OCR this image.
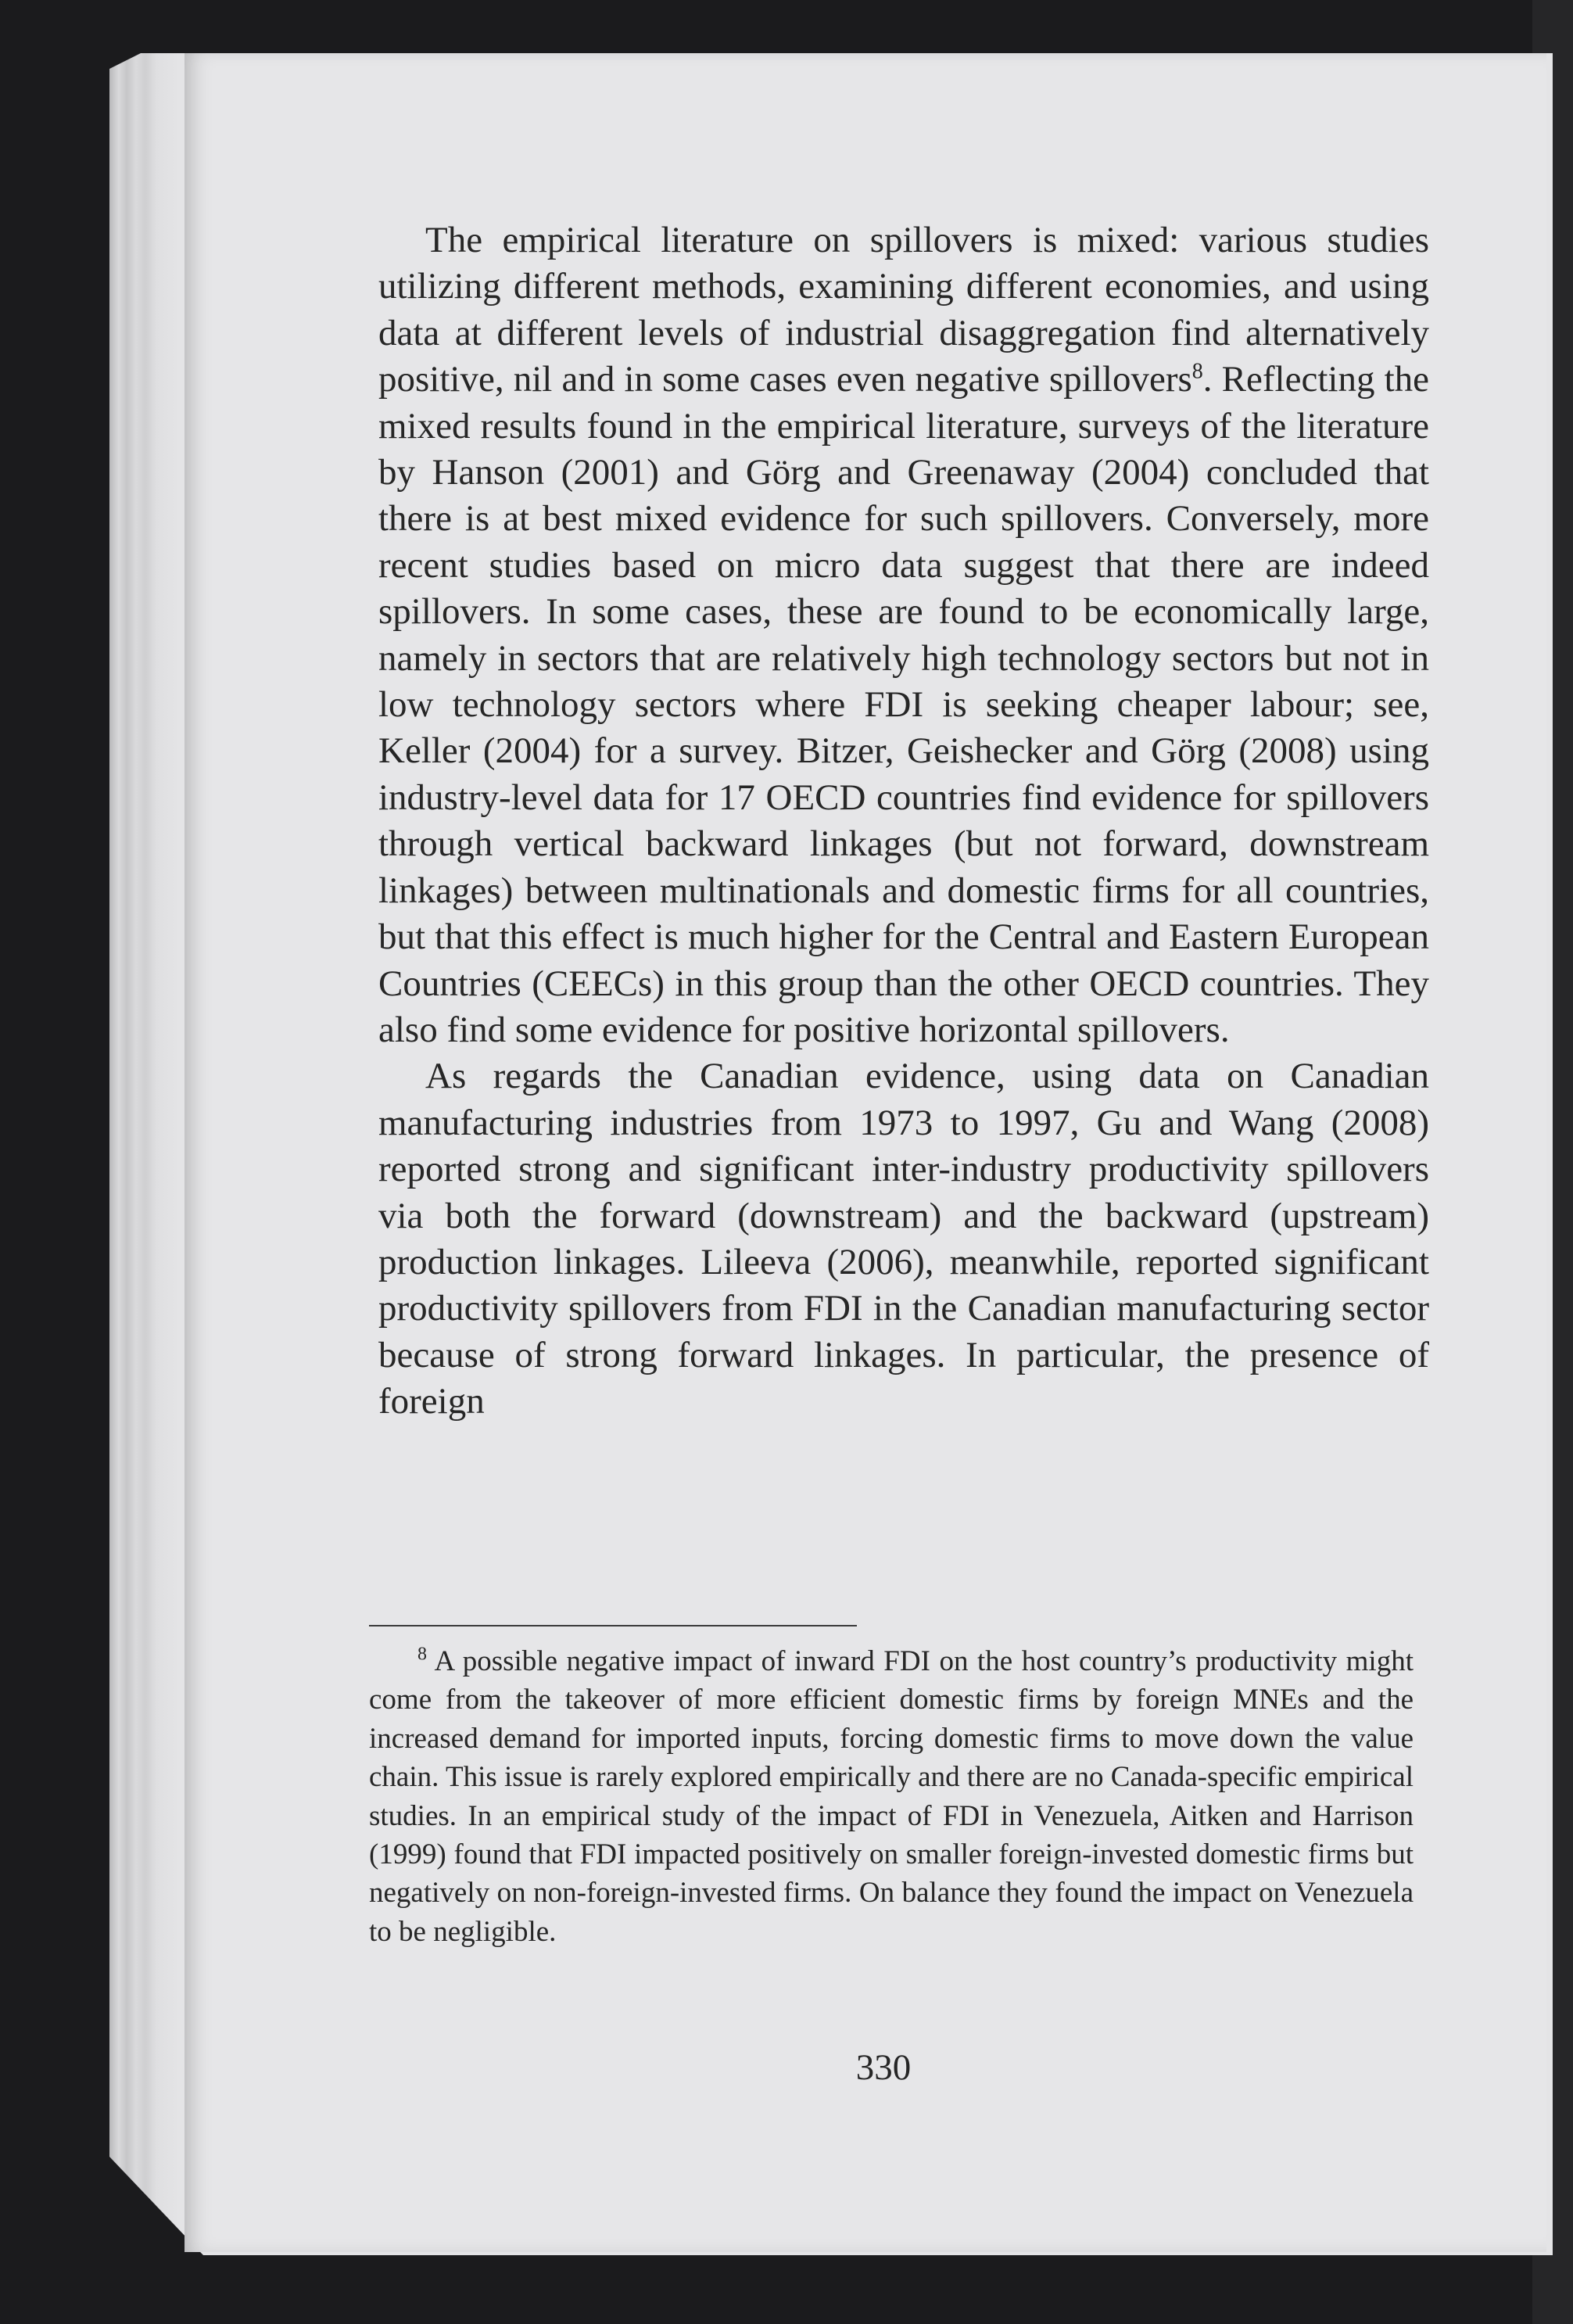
The empirical literature on spillovers is mixed: various studies utilizing different methods, examining different economies, and using data at different levels of industrial disaggregation find alternatively positive, nil and in some cases even negative spillovers$^8$. Reflecting the mixed results found in the empirical literature, surveys of the literature by Hanson (2001) and Görg and Greenaway (2004) concluded that there is at best mixed evidence for such spillovers. Conversely, more recent studies based on micro data suggest that there are indeed spillovers. In some cases, these are found to be economically large, namely in sectors that are relatively high technology sectors but not in low technology sectors where FDI is seeking cheaper labour; see, Keller (2004) for a survey. Bitzer, Geishecker and Görg (2008) using industry-level data for 17 OECD countries find evidence for spillovers through vertical backward linkages (but not forward, downstream linkages) between multinationals and domestic firms for all countries, but that this effect is much higher for the Central and Eastern European Countries (CEECs) in this group than the other OECD countries. They also find some evidence for positive horizontal spillovers.

As regards the Canadian evidence, using data on Canadian manufacturing industries from 1973 to 1997, Gu and Wang (2008) reported strong and significant inter-industry productivity spillovers via both the forward (downstream) and the backward (upstream) production linkages. Lileeva (2006), meanwhile, reported significant productivity spillovers from FDI in the Canadian manufacturing sector because of strong forward linkages. In particular, the presence of foreign

$^8$ A possible negative impact of inward FDI on the host country’s productivity might come from the takeover of more efficient domestic firms by foreign MNEs and the increased demand for imported inputs, forcing domestic firms to move down the value chain. This issue is rarely explored empirically and there are no Canada-specific empirical studies. In an empirical study of the impact of FDI in Venezuela, Aitken and Harrison (1999) found that FDI impacted positively on smaller foreign-invested domestic firms but negatively on non-foreign-invested firms. On balance they found the impact on Venezuela to be negligible.

330
